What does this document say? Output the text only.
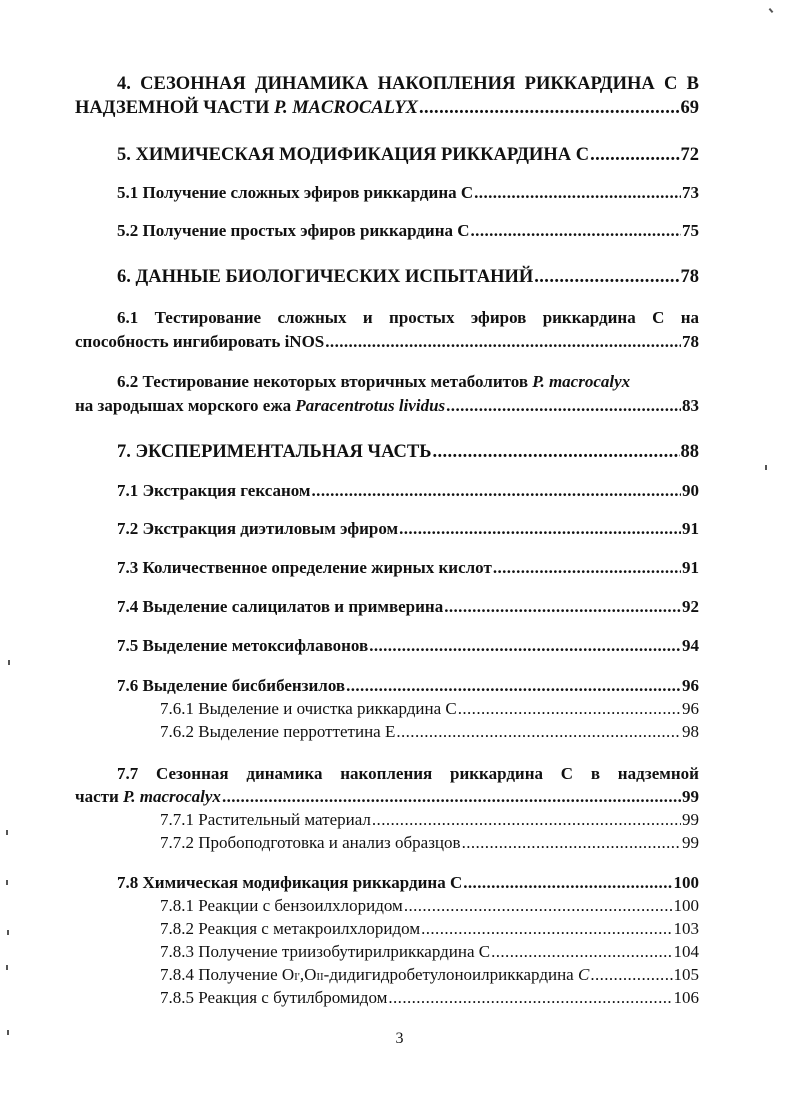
4. СЕЗОННАЯ ДИНАМИКА НАКОПЛЕНИЯ РИККАРДИНА С В
НАДЗЕМНОЙ ЧАСТИ P. MACROCALYX .....	69
5. ХИМИЧЕСКАЯ МОДИФИКАЦИЯ РИККАРДИНА С .....	72
5.1 Получение сложных эфиров риккардина С .....	73
5.2 Получение простых эфиров риккардина С .....	75
6. ДАННЫЕ БИОЛОГИЧЕСКИХ ИСПЫТАНИЙ .....	78
6.1 Тестирование сложных и простых эфиров риккардина С на
способность ингибировать iNOS .....	78
6.2 Тестирование некоторых вторичных метаболитов P. macrocalyx
на зародышах морского ежа Paracentrotus lividus .....	83
7. ЭКСПЕРИМЕНТАЛЬНАЯ ЧАСТЬ .....	88
7.1 Экстракция гексаном .....	90
7.2 Экстракция диэтиловым эфиром .....	91
7.3 Количественное определение жирных кислот .....	91
7.4 Выделение салицилатов и примверина .....	92
7.5 Выделение метоксифлавонов .....	94
7.6 Выделение бисбибензилов .....	96
7.6.1 Выделение и очистка риккардина С .....	96
7.6.2 Выделение перроттетина Е .....	98
7.7 Сезонная динамика накопления риккардина С в надземной
части P. macrocalyx .....	99
7.7.1 Растительный материал .....	99
7.7.2 Пробоподготовка и анализ образцов .....	99
7.8 Химическая модификация риккардина С .....	100
7.8.1 Реакции с бензоилхлоридом .....	100
7.8.2 Реакция с метакроилхлоридом .....	103
7.8.3 Получение триизобутирилриккардина С .....	104
7.8.4 Получение О I' ,О II -дидигидробетулоноилриккардина C .....	105
7.8.5 Реакция с бутилбромидом .....	106
3
